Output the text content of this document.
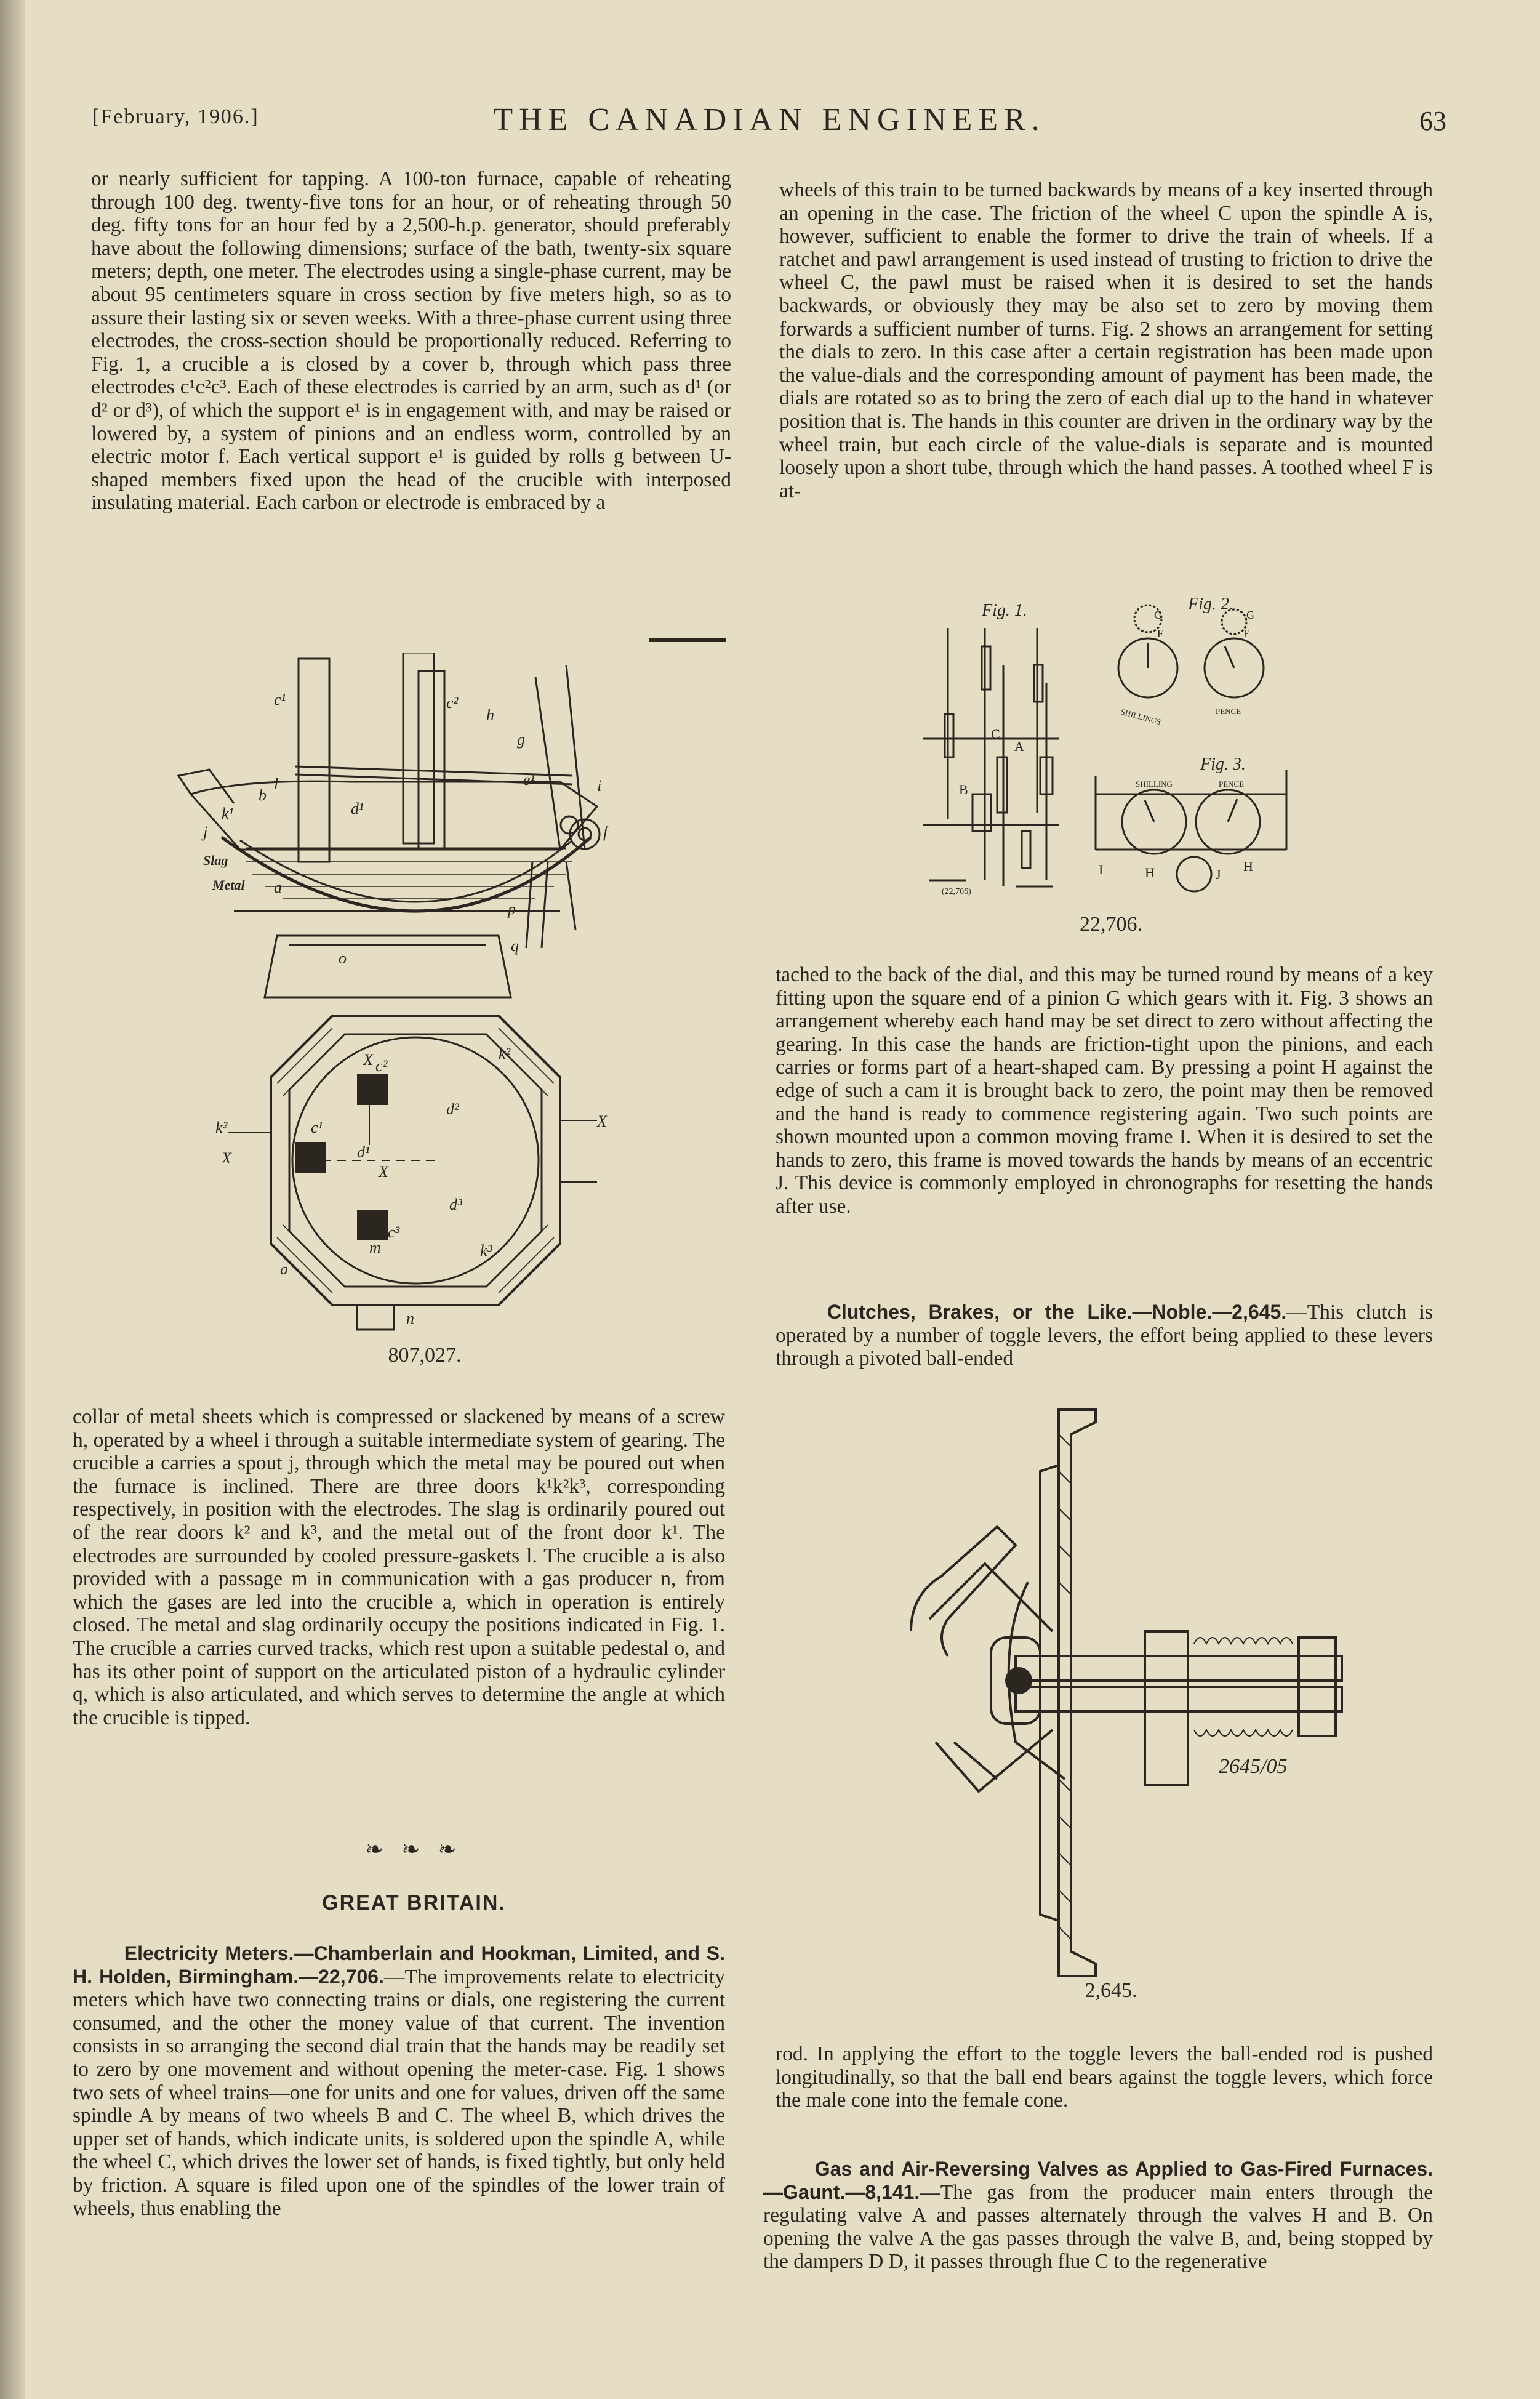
[February, 1906.]	THE CANADIAN ENGINEER.	63

or nearly sufficient for tapping. A 100-ton furnace, capable of reheating through 100 deg. twenty-five tons for an hour, or of reheating through 50 deg. fifty tons for an hour fed by a 2,500-h.p. generator, should preferably have about the following dimensions; surface of the bath, twenty-six square meters; depth, one meter. The electrodes using a single-phase current, may be about 95 centimeters square in cross section by five meters high, so as to assure their lasting six or seven weeks. With a three-phase current using three electrodes, the cross-section should be proportionally reduced. Referring to Fig. 1, a crucible a is closed by a cover b, through which pass three electrodes c¹c²c³. Each of these electrodes is carried by an arm, such as d¹ (or d² or d³), of which the support e¹ is in engagement with, and may be raised or lowered by, a system of pinions and an endless worm, controlled by an electric motor f. Each vertical support e¹ is guided by rolls g between U-shaped members fixed upon the head of the crucible with interposed insulating material. Each carbon or electrode is embraced by a

c¹	c²
h
g
e¹	i
b
l
d¹
k¹
j	f
Slag
Metal a
p
o
q
k²
c²
X
d²
X
k²	c¹
d¹
X
X
d³
c³
m	k³
a
n
807,027.

collar of metal sheets which is compressed or slackened by means of a screw h, operated by a wheel i through a suitable intermediate system of gearing. The crucible a carries a spout j, through which the metal may be poured out when the furnace is inclined. There are three doors k¹k²k³, corresponding respectively, in position with the electrodes. The slag is ordinarily poured out of the rear doors k² and k³, and the metal out of the front door k¹. The electrodes are surrounded by cooled pressure-gaskets l. The crucible a is also provided with a passage m in communication with a gas producer n, from which the gases are led into the crucible a, which in operation is entirely closed. The metal and slag ordinarily occupy the positions indicated in Fig. 1. The crucible a carries curved tracks, which rest upon a suitable pedestal o, and has its other point of support on the articulated piston of a hydraulic cylinder q, which is also articulated, and which serves to determine the angle at which the crucible is tipped.

❧ ❧ ❧
GREAT BRITAIN.

Electricity Meters.—Chamberlain and Hookman, Limited, and S. H. Holden, Birmingham.—22,706.—The improvements relate to electricity meters which have two connecting trains or dials, one registering the current consumed, and the other the money value of that current. The invention consists in so arranging the second dial train that the hands may be readily set to zero by one movement and without opening the meter-case. Fig. 1 shows two sets of wheel trains—one for units and one for values, driven off the same spindle A by means of two wheels B and C. The wheel B, which drives the upper set of hands, which indicate units, is soldered upon the spindle A, while the wheel C, which drives the lower set of hands, is fixed tightly, but only held by friction. A square is filed upon one of the spindles of the lower train of wheels, thus enabling the

wheels of this train to be turned backwards by means of a key inserted through an opening in the case. The friction of the wheel C upon the spindle A is, however, sufficient to enable the former to drive the train of wheels. If a ratchet and pawl arrangement is used instead of trusting to friction to drive the wheel C, the pawl must be raised when it is desired to set the hands backwards, or obviously they may be also set to zero by moving them forwards a sufficient number of turns. Fig. 2 shows an arrangement for setting the dials to zero. In this case after a certain registration has been made upon the value-dials and the corresponding amount of payment has been made, the dials are rotated so as to bring the zero of each dial up to the hand in whatever position that is. The hands in this counter are driven in the ordinary way by the wheel train, but each circle of the value-dials is separate and is mounted loosely upon a short tube, through which the hand passes. A toothed wheel F is at-

Fig. 1.
C
A
B
(22,706)
Fig. 2.
G
F
G
F
SHILLINGS	PENCE
Fig. 3.
SHILLING	PENCE
I	H	J
H
22,706.

tached to the back of the dial, and this may be turned round by means of a key fitting upon the square end of a pinion G which gears with it. Fig. 3 shows an arrangement whereby each hand may be set direct to zero without affecting the gearing. In this case the hands are friction-tight upon the pinions, and each carries or forms part of a heart-shaped cam. By pressing a point H against the edge of such a cam it is brought back to zero, the point may then be removed and the hand is ready to commence registering again. Two such points are shown mounted upon a common moving frame I. When it is desired to set the hands to zero, this frame is moved towards the hands by means of an eccentric J. This device is commonly employed in chronographs for resetting the hands after use.

Clutches, Brakes, or the Like.—Noble.—2,645.—This clutch is operated by a number of toggle levers, the effort being applied to these levers through a pivoted ball-ended

2645/05
2,645.

rod. In applying the effort to the toggle levers the ball-ended rod is pushed longitudinally, so that the ball end bears against the toggle levers, which force the male cone into the female cone.

Gas and Air-Reversing Valves as Applied to Gas-Fired Furnaces.—Gaunt.—8,141.—The gas from the producer main enters through the regulating valve A and passes alternately through the valves H and B. On opening the valve A the gas passes through the valve B, and, being stopped by the dampers D D, it passes through flue C to the regenerative
